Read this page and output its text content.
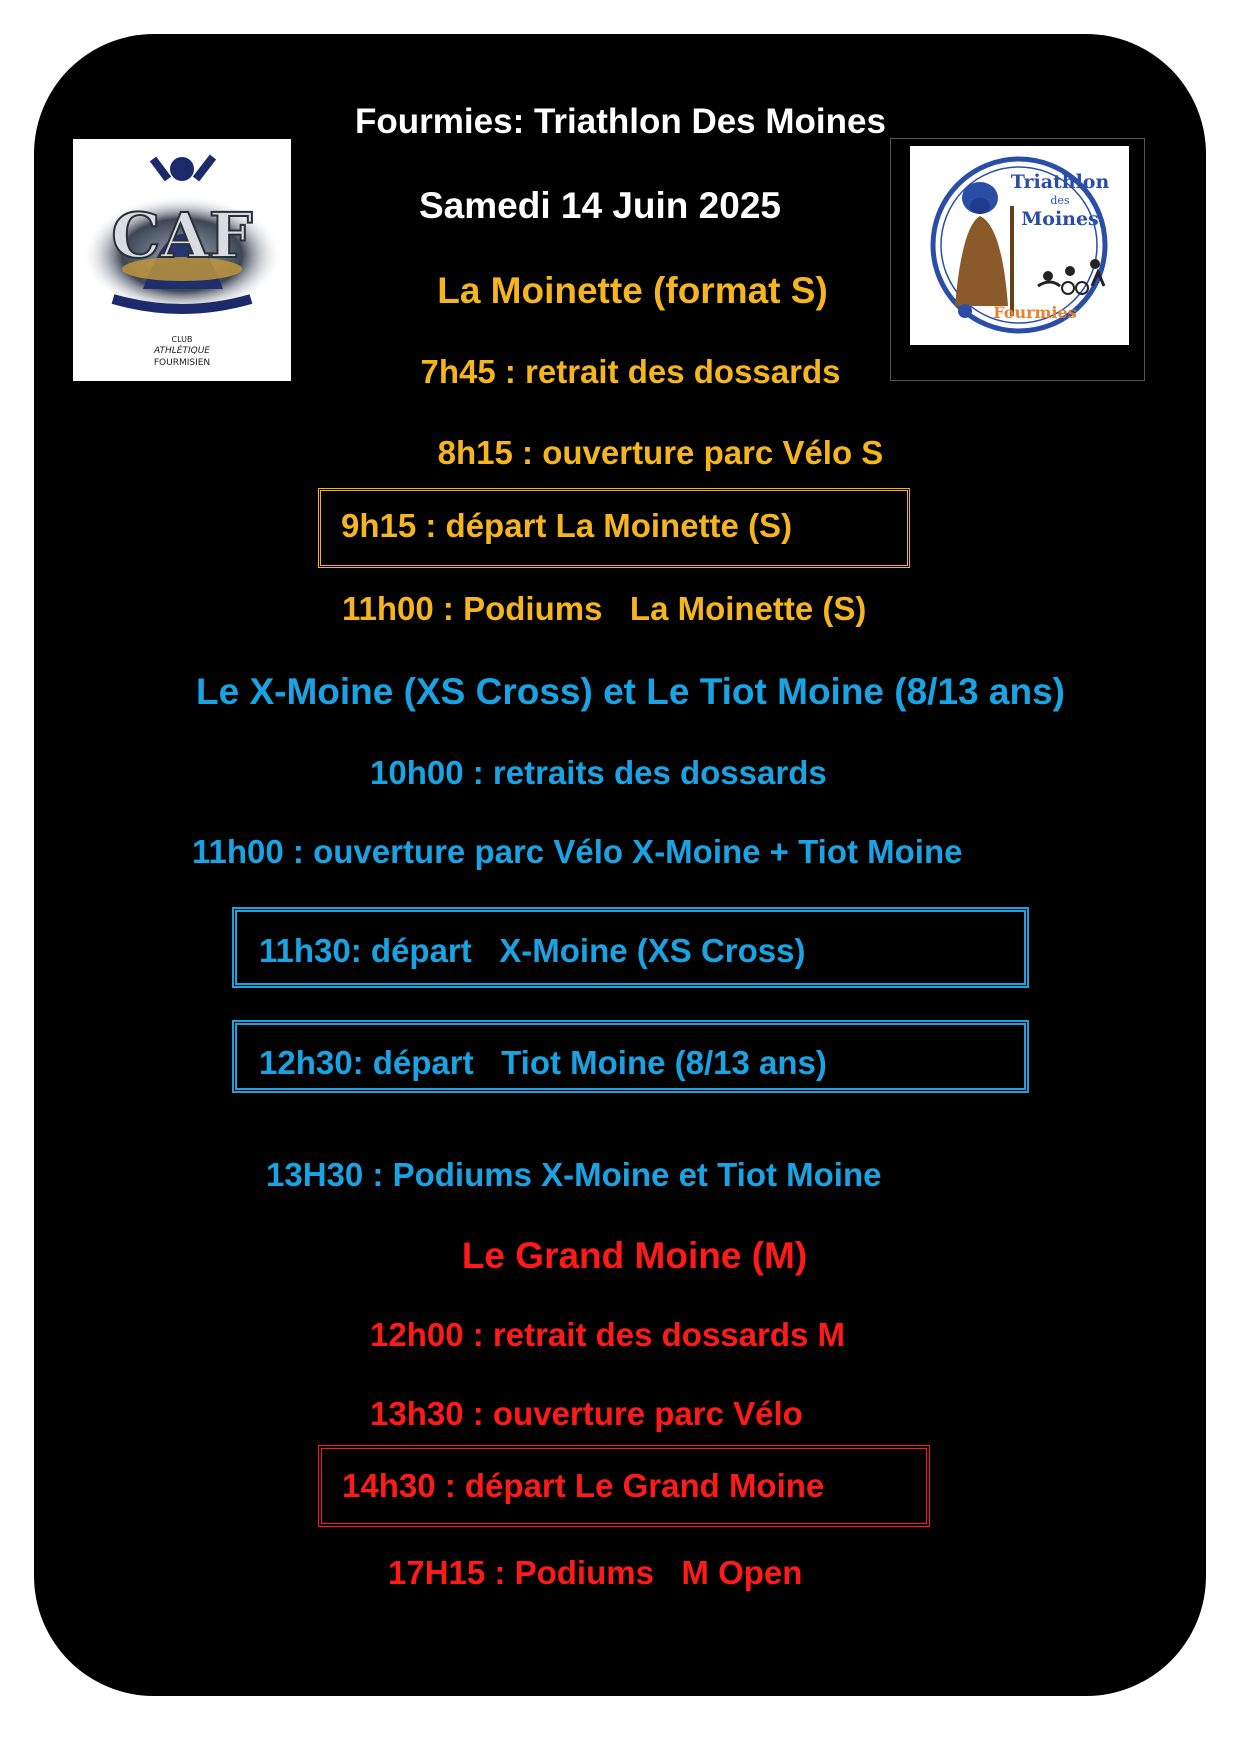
CAF
CLUB
ATHLÉTIQUE
FOURMISIEN
Triathlon
des
Moines
Fourmies
Fourmies: Triathlon Des Moines
Samedi 14 Juin 2025
La Moinette (format S)
7h45 : retrait des dossards
8h15 : ouverture parc Vélo S
9h15 : départ La Moinette (S)
11h00 : Podiums   La Moinette (S)
Le X-Moine (XS Cross) et Le Tiot Moine (8/13 ans)
10h00 : retraits des dossards
11h00 : ouverture parc Vélo X-Moine + Tiot Moine
11h30: départ   X-Moine (XS Cross)
12h30: départ   Tiot Moine (8/13 ans)
13H30 : Podiums X-Moine et Tiot Moine
Le Grand Moine (M)
12h00 : retrait des dossards M
13h30 : ouverture parc Vélo
14h30 : départ Le Grand Moine
17H15 : Podiums   M Open
